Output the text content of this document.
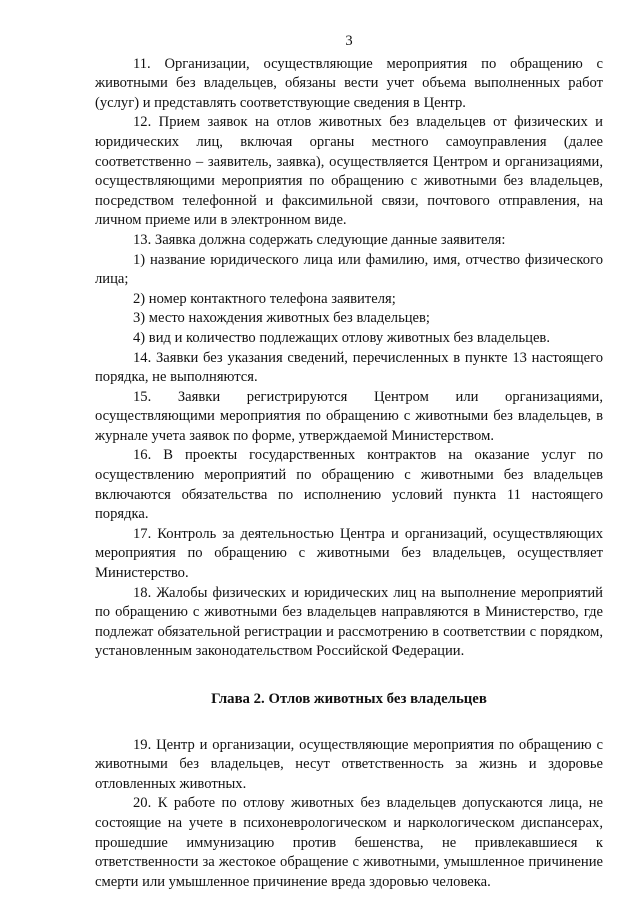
3

11. Организации, осуществляющие мероприятия по обращению с животными без владельцев, обязаны вести учет объема выполненных работ (услуг) и представлять соответствующие сведения в Центр.

12. Прием заявок на отлов животных без владельцев от физических и юридических лиц, включая органы местного самоуправления (далее соответственно – заявитель, заявка), осуществляется Центром и организациями, осуществляющими мероприятия по обращению с животными без владельцев, посредством телефонной и факсимильной связи, почтового отправления, на личном приеме или в электронном виде.

13. Заявка должна содержать следующие данные заявителя:

1) название юридического лица или фамилию, имя, отчество физического лица;

2) номер контактного телефона заявителя;

3) место нахождения животных без владельцев;

4) вид и количество подлежащих отлову животных без владельцев.

14. Заявки без указания сведений, перечисленных в пункте 13 настоящего порядка, не выполняются.

15. Заявки регистрируются Центром или организациями, осуществляющими мероприятия по обращению с животными без владельцев, в журнале учета заявок по форме, утверждаемой Министерством.

16. В проекты государственных контрактов на оказание услуг по осуществлению мероприятий по обращению с животными без владельцев включаются обязательства по исполнению условий пункта 11 настоящего порядка.

17. Контроль за деятельностью Центра и организаций, осуществляющих мероприятия по обращению с животными без владельцев, осуществляет Министерство.

18. Жалобы физических и юридических лиц на выполнение мероприятий по обращению с животными без владельцев направляются в Министерство, где подлежат обязательной регистрации и рассмотрению в соответствии с порядком, установленным законодательством Российской Федерации.

Глава 2. Отлов животных без владельцев

19. Центр и организации, осуществляющие мероприятия по обращению с животными без владельцев, несут ответственность за жизнь и здоровье отловленных животных.

20. К работе по отлову животных без владельцев допускаются лица, не состоящие на учете в психоневрологическом и наркологическом диспансерах, прошедшие иммунизацию против бешенства, не привлекавшиеся к ответственности за жестокое обращение с животными, умышленное причинение смерти или умышленное причинение вреда здоровью человека.
